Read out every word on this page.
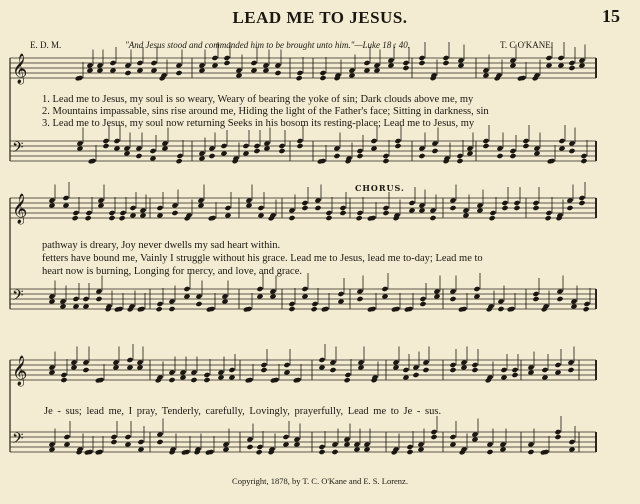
LEAD ME TO JESUS.	15
E. D. M.	"And Jesus stood and commanded him to be brought unto him."—Luke 18 : 40.	T. C O'KANE.
𝄞
𝄢
𝄞
𝄢
𝄞
𝄢
1. Lead me to Jesus, my soul is so weary, Weary of bearing the yoke of sin; Dark clouds above me, my
2. Mountains impassable, sins rise around me, Hiding the light of the Father's face; Sitting in darkness, sin
3. Lead me to Jesus, my soul now returning Seeks in his bosom its resting-place; Lead me to Jesus, my
CHORUS.
pathway is dreary, Joy never dwells my sad heart within.
fetters have bound me, Vainly I struggle without his grace. Lead me to Jesus, lead me to-day; Lead me to
heart now is burning, Longing for mercy, and love, and grace.
Je - sus; lead me, I pray, Tenderly, carefully, Lovingly, prayerfully, Lead me to Je - sus.
Copyright, 1878, by T. C. O'Kane and E. S. Lorenz.
